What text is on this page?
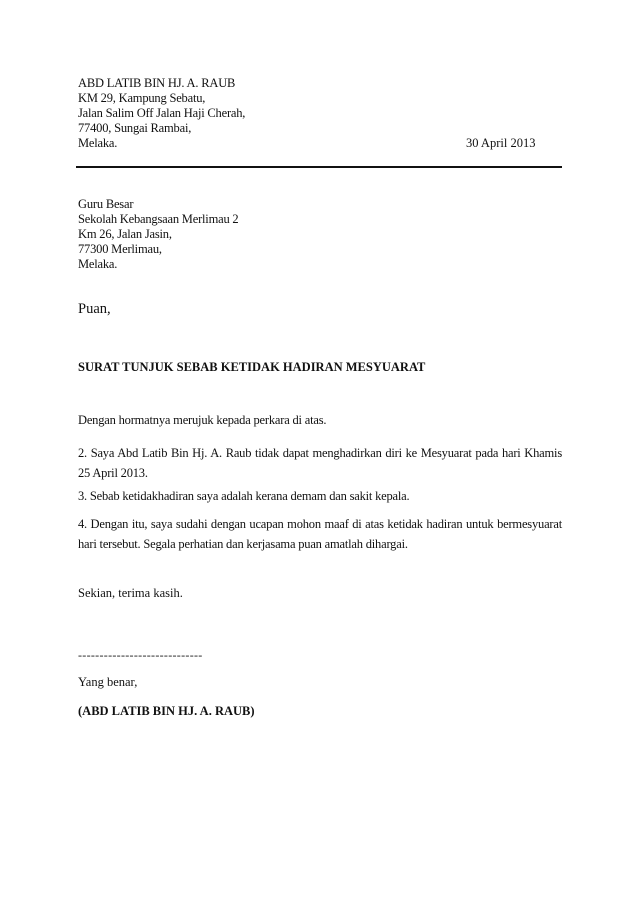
ABD LATIB BIN HJ. A. RAUB
KM 29, Kampung Sebatu,
Jalan Salim Off Jalan Haji Cherah,
77400, Sungai Rambai,
Melaka.	30 April 2013
Guru Besar
Sekolah Kebangsaan Merlimau 2
Km 26, Jalan Jasin,
77300 Merlimau,
Melaka.
Puan,
SURAT TUNJUK SEBAB KETIDAK HADIRAN MESYUARAT
Dengan hormatnya merujuk kepada perkara di atas.
2. Saya Abd Latib Bin Hj. A. Raub tidak dapat menghadirkan diri ke Mesyuarat pada hari Khamis 25 April 2013.
3. Sebab ketidakhadiran saya adalah kerana demam dan sakit kepala.
4. Dengan itu, saya sudahi dengan ucapan mohon maaf di atas ketidak hadiran untuk bermesyuarat hari tersebut. Segala perhatian dan kerjasama puan amatlah dihargai.
Sekian, terima kasih.
-----------------------------
Yang benar,
(ABD LATIB BIN HJ. A. RAUB)
